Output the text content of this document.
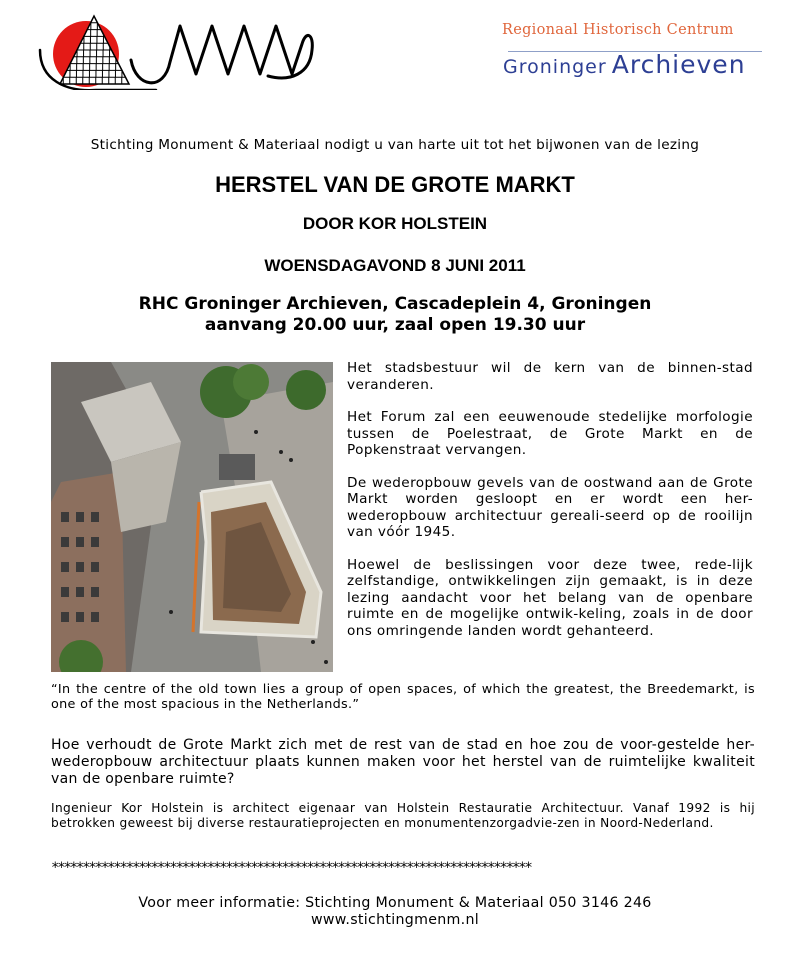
Regionaal Historisch Centrum
Groninger Archieven
Stichting Monument & Materiaal nodigt u van harte uit tot het bijwonen van de lezing
HERSTEL VAN DE GROTE MARKT
DOOR KOR HOLSTEIN
WOENSDAGAVOND 8 JUNI 2011
RHC Groninger Archieven, Cascadeplein 4, Groningen
aanvang 20.00 uur, zaal open 19.30 uur

Het stadsbestuur wil de kern van de binnen-stad veranderen.

Het Forum zal een eeuwenoude stedelijke morfologie tussen de Poelestraat, de Grote Markt en de Popkenstraat vervangen.

De wederopbouw gevels van de oostwand aan de Grote Markt worden gesloopt en er wordt een her-wederopbouw architectuur gereali-seerd op de rooilijn van vóór 1945.

Hoewel de beslissingen voor deze twee, rede-lijk zelfstandige, ontwikkelingen zijn gemaakt, is in deze lezing aandacht voor het belang van de openbare ruimte en de mogelijke ontwik-keling, zoals in de door ons omringende landen wordt gehanteerd.

“In the centre of the old town lies a group of open spaces, of which the greatest, the Breedemarkt, is one of the most spacious in the Netherlands.”
Hoe verhoudt de Grote Markt zich met de rest van de stad en hoe zou de voor-gestelde her-wederopbouw architectuur plaats kunnen maken voor het herstel van de ruimtelijke kwaliteit van de openbare ruimte?
Ingenieur Kor Holstein is architect eigenaar van Holstein Restauratie Architectuur. Vanaf 1992 is hij betrokken geweest bij diverse restauratieprojecten en monumentenzorgadvie-zen in Noord-Nederland.
*****************************************************************************
Voor meer informatie: Stichting Monument & Materiaal 050 3146 246
www.stichtingmenm.nl
